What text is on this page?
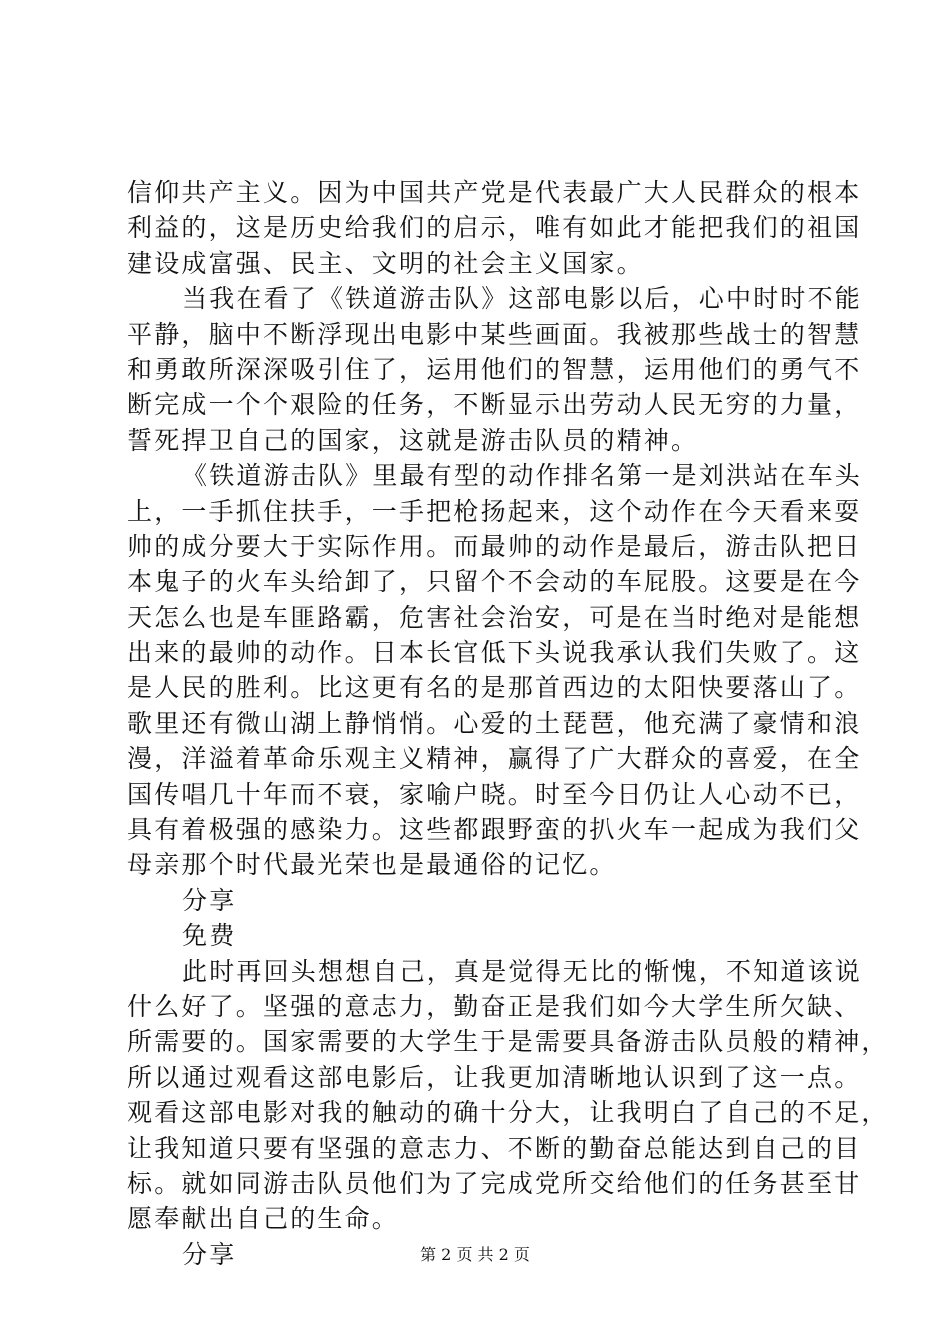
信仰共产主义。因为中国共产党是代表最广大人民群众的根本
利益的，这是历史给我们的启示，唯有如此才能把我们的祖国
建设成富强、民主、文明的社会主义国家。
当我在看了《铁道游击队》这部电影以后，心中时时不能
平静，脑中不断浮现出电影中某些画面。我被那些战士的智慧
和勇敢所深深吸引住了，运用他们的智慧，运用他们的勇气不
断完成一个个艰险的任务，不断显示出劳动人民无穷的力量，
誓死捍卫自己的国家，这就是游击队员的精神。
《铁道游击队》里最有型的动作排名第一是刘洪站在车头
上，一手抓住扶手，一手把枪扬起来，这个动作在今天看来耍
帅的成分要大于实际作用。而最帅的动作是最后，游击队把日
本鬼子的火车头给卸了，只留个不会动的车屁股。这要是在今
天怎么也是车匪路霸，危害社会治安，可是在当时绝对是能想
出来的最帅的动作。日本长官低下头说我承认我们失败了。这
是人民的胜利。比这更有名的是那首西边的太阳快要落山了。
歌里还有微山湖上静悄悄。心爱的土琵琶，他充满了豪情和浪
漫，洋溢着革命乐观主义精神，赢得了广大群众的喜爱，在全
国传唱几十年而不衰，家喻户晓。时至今日仍让人心动不已，
具有着极强的感染力。这些都跟野蛮的扒火车一起成为我们父
母亲那个时代最光荣也是最通俗的记忆。
分享
免费
此时再回头想想自己，真是觉得无比的惭愧，不知道该说
什么好了。坚强的意志力，勤奋正是我们如今大学生所欠缺、
所需要的。国家需要的大学生于是需要具备游击队员般的精神，
所以通过观看这部电影后，让我更加清晰地认识到了这一点。
观看这部电影对我的触动的确十分大，让我明白了自己的不足，
让我知道只要有坚强的意志力、不断的勤奋总能达到自己的目
标。就如同游击队员他们为了完成党所交给他们的任务甚至甘
愿奉献出自己的生命。
分享	第 2 页 共 2 页
